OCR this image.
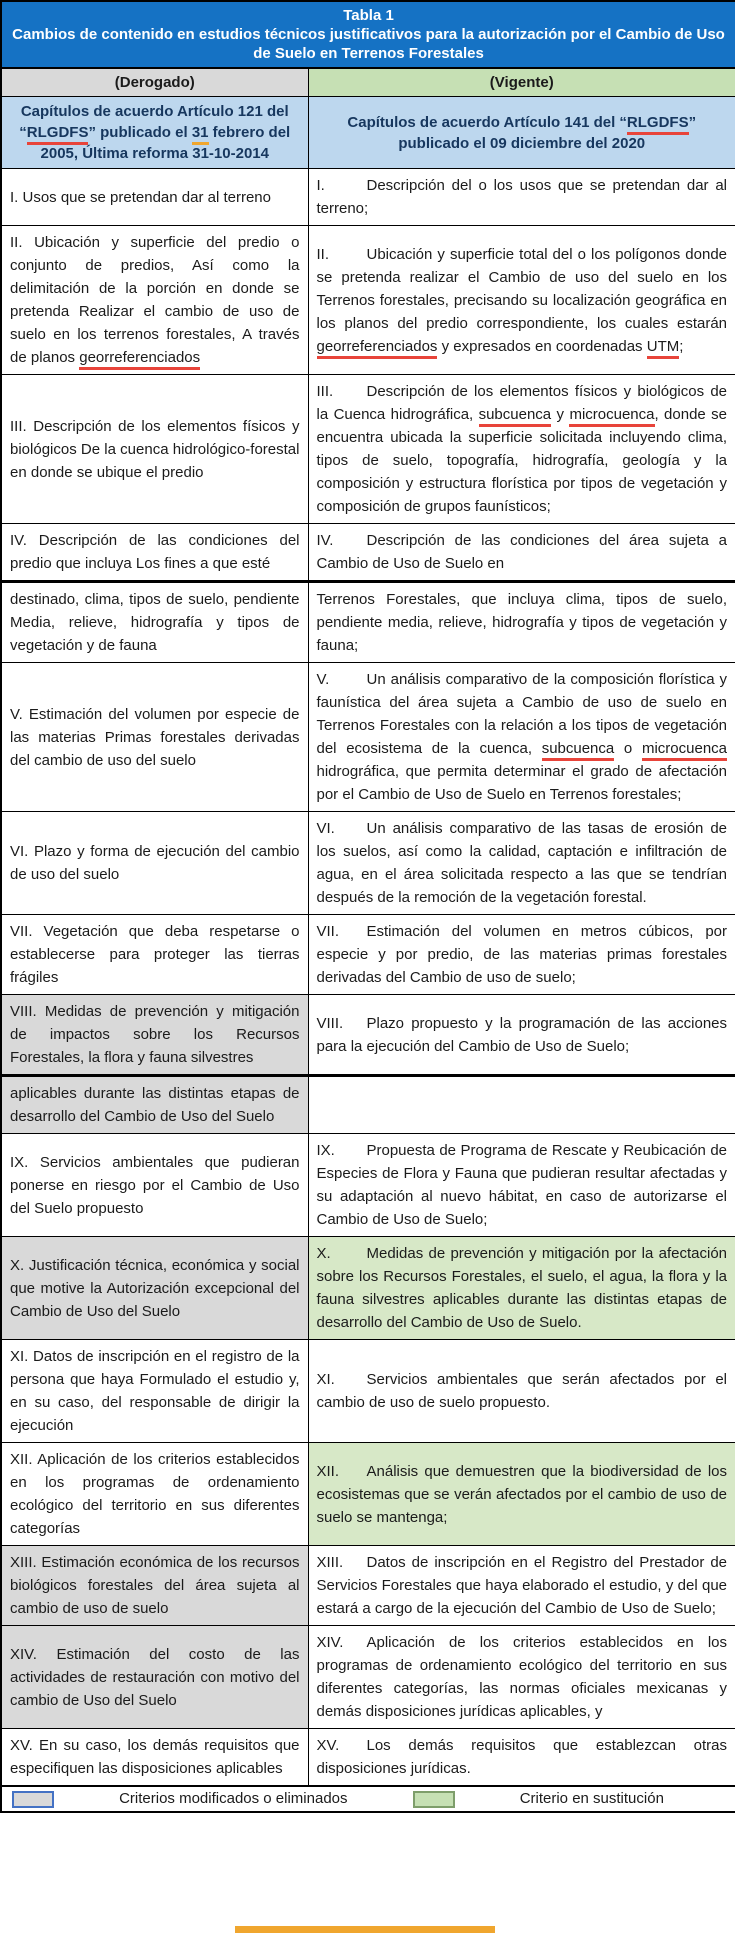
Tabla 1
Cambios de contenido en estudios técnicos justificativos para la autorización por el Cambio de Uso de Suelo en Terrenos Forestales	

(Derogado)	(Vigente)
Capítulos de acuerdo Artículo 121 del “RLGDFS” publicado el 31 febrero del 2005, Última reforma 31-10-2014	Capítulos de acuerdo Artículo 141 del “RLGDFS” publicado el 09 diciembre del 2020
I. Usos que se pretendan dar al terreno	I. Descripción del o los usos que se pretendan dar al terreno;
II. Ubicación y superficie del predio o conjunto de predios, Así como la delimitación de la porción en donde se pretenda Realizar el cambio de uso de suelo en los terrenos forestales, A través de planos georreferenciados	II. Ubicación y superficie total del o los polígonos donde se pretenda realizar el Cambio de uso del suelo en los Terrenos forestales, precisando su localización geográfica en los planos del predio correspondiente, los cuales estarán georreferenciados y expresados en coordenadas UTM;
III. Descripción de los elementos físicos y biológicos De la cuenca hidrológico-forestal en donde se ubique el predio	III. Descripción de los elementos físicos y biológicos de la Cuenca hidrográfica, subcuenca y microcuenca, donde se encuentra ubicada la superficie solicitada incluyendo clima, tipos de suelo, topografía, hidrografía, geología y la composición y estructura florística por tipos de vegetación y composición de grupos faunísticos;
IV. Descripción de las condiciones del predio que incluya Los fines a que esté	IV. Descripción de las condiciones del área sujeta a Cambio de Uso de Suelo en
destinado, clima, tipos de suelo, pendiente Media, relieve, hidrografía y tipos de vegetación y de fauna	Terrenos Forestales, que incluya clima, tipos de suelo, pendiente media, relieve, hidrografía y tipos de vegetación y fauna;
V. Estimación del volumen por especie de las materias Primas forestales derivadas del cambio de uso del suelo	V. Un análisis comparativo de la composición florística y faunística del área sujeta a Cambio de uso de suelo en Terrenos Forestales con la relación a los tipos de vegetación del ecosistema de la cuenca, subcuenca o microcuenca hidrográfica, que permita determinar el grado de afectación por el Cambio de Uso de Suelo en Terrenos forestales;
VI. Plazo y forma de ejecución del cambio de uso del suelo	VI. Un análisis comparativo de las tasas de erosión de los suelos, así como la calidad, captación e infiltración de agua, en el área solicitada respecto a las que se tendrían después de la remoción de la vegetación forestal.
VII. Vegetación que deba respetarse o establecerse para proteger las tierras frágiles	VII. Estimación del volumen en metros cúbicos, por especie y por predio, de las materias primas forestales derivadas del Cambio de uso de suelo;
VIII. Medidas de prevención y mitigación de impactos sobre los Recursos Forestales, la flora y fauna silvestres	VIII. Plazo propuesto y la programación de las acciones para la ejecución del Cambio de Uso de Suelo;
aplicables durante las distintas etapas de desarrollo del Cambio de Uso del Suelo	
IX. Servicios ambientales que pudieran ponerse en riesgo por el Cambio de Uso del Suelo propuesto	IX. Propuesta de Programa de Rescate y Reubicación de Especies de Flora y Fauna que pudieran resultar afectadas y su adaptación al nuevo hábitat, en caso de autorizarse el Cambio de Uso de Suelo;
X. Justificación técnica, económica y social que motive la Autorización excepcional del Cambio de Uso del Suelo	X. Medidas de prevención y mitigación por la afectación sobre los Recursos Forestales, el suelo, el agua, la flora y la fauna silvestres aplicables durante las distintas etapas de desarrollo del Cambio de Uso de Suelo.
XI. Datos de inscripción en el registro de la persona que haya Formulado el estudio y, en su caso, del responsable de dirigir la ejecución	XI. Servicios ambientales que serán afectados por el cambio de uso de suelo propuesto.
XII. Aplicación de los criterios establecidos en los programas de ordenamiento ecológico del territorio en sus diferentes categorías	XII. Análisis que demuestren que la biodiversidad de los ecosistemas que se verán afectados por el cambio de uso de suelo se mantenga;
XIII. Estimación económica de los recursos biológicos forestales del área sujeta al cambio de uso de suelo	XIII. Datos de inscripción en el Registro del Prestador de Servicios Forestales que haya elaborado el estudio, y del que estará a cargo de la ejecución del Cambio de Uso de Suelo;
XIV. Estimación del costo de las actividades de restauración con motivo del cambio de Uso del Suelo	XIV. Aplicación de los criterios establecidos en los programas de ordenamiento ecológico del territorio en sus diferentes categorías, las normas oficiales mexicanas y demás disposiciones jurídicas aplicables, y
XV. En su caso, los demás requisitos que especifiquen las disposiciones aplicables	XV. Los demás requisitos que establezcan otras disposiciones jurídicas.

Criterios modificados o eliminados Criterio en sustitución	
